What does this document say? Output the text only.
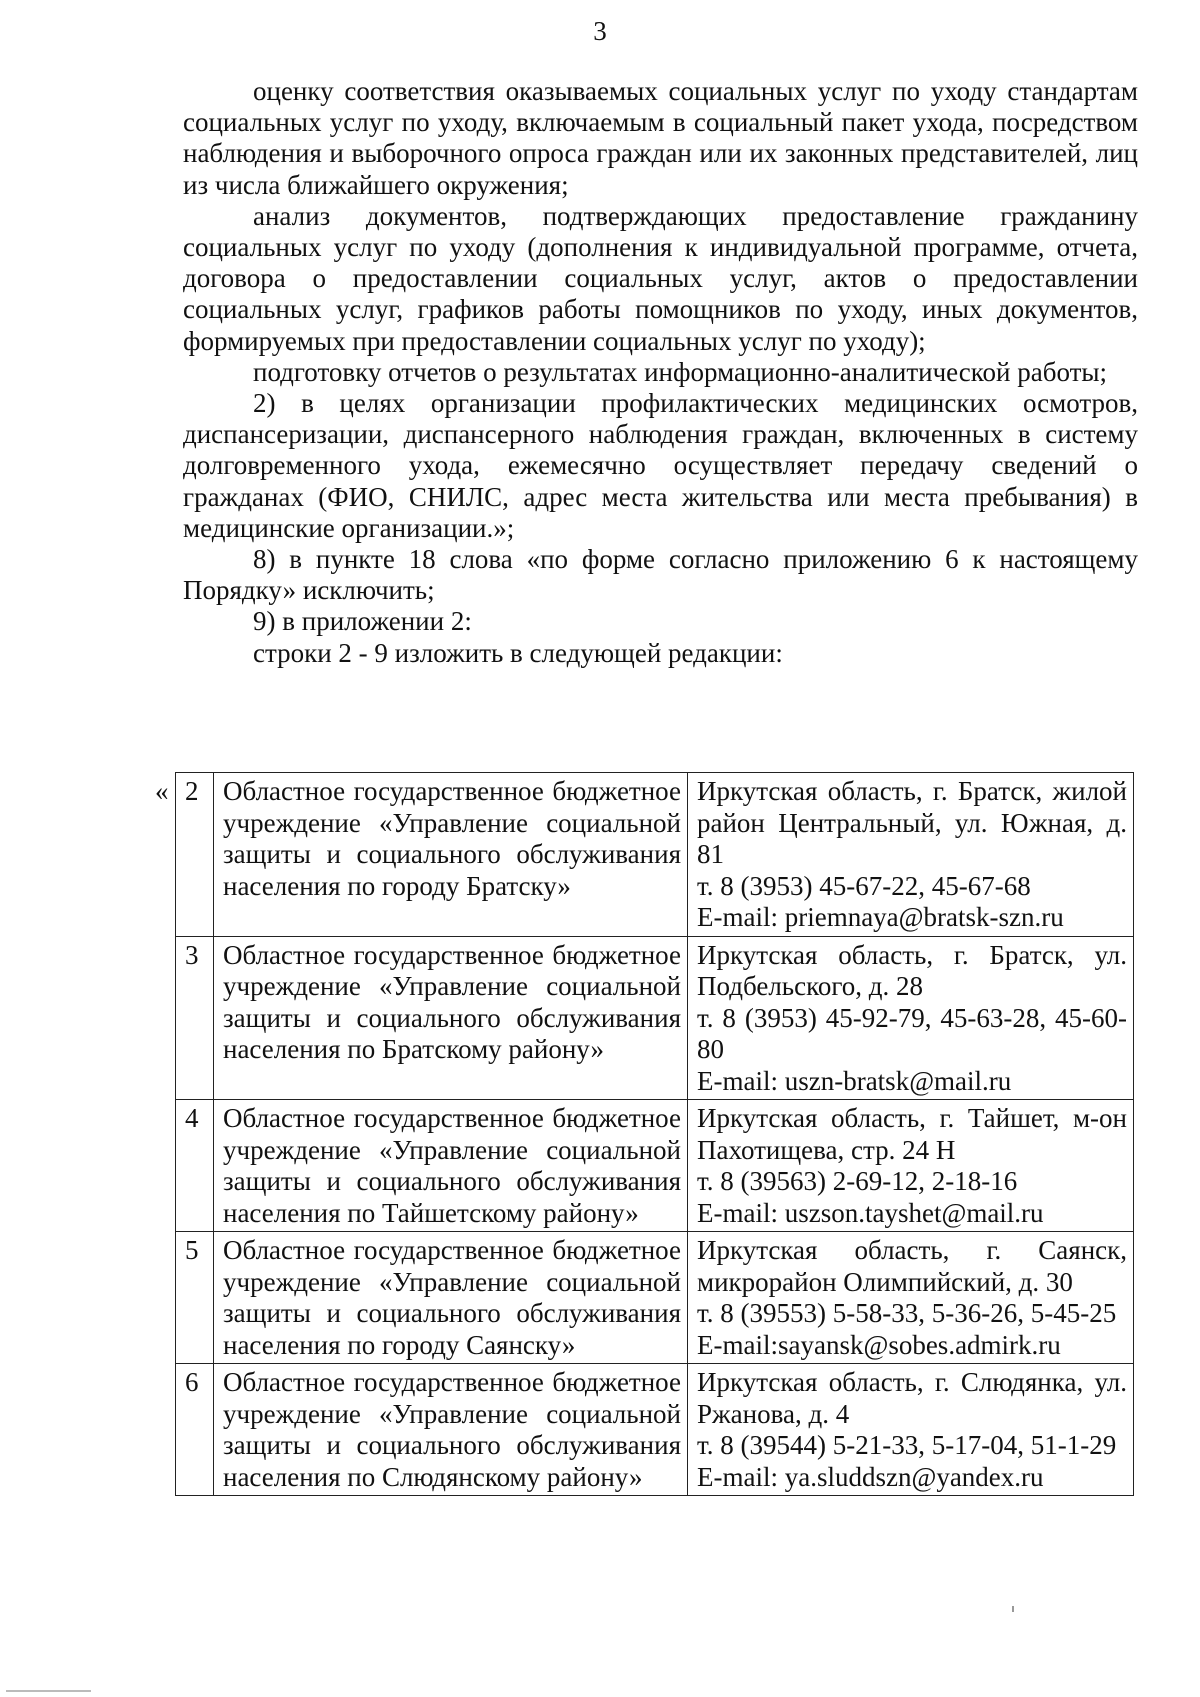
3

оценку соответствия оказываемых социальных услуг по уходу стандартам социальных услуг по уходу, включаемым в социальный пакет ухода, посредством наблюдения и выборочного опроса граждан или их законных представителей, лиц из числа ближайшего окружения;

анализ документов, подтверждающих предоставление гражданину социальных услуг по уходу (дополнения к индивидуальной программе, отчета, договора о предоставлении социальных услуг, актов о предоставлении социальных услуг, графиков работы помощников по уходу, иных документов, формируемых при предоставлении социальных услуг по уходу);

подготовку отчетов о результатах информационно-аналитической работы;

2) в целях организации профилактических медицинских осмотров, диспансеризации, диспансерного наблюдения граждан, включенных в систему долговременного ухода, ежемесячно осуществляет передачу сведений о гражданах (ФИО, СНИЛС, адрес места жительства или места пребывания) в медицинские организации.»;

8) в пункте 18 слова «по форме согласно приложению 6 к настоящему Порядку» исключить;

9) в приложении 2:

строки 2 - 9 изложить в следующей редакции:

« 2	Областное государственное бюджетное учреждение «Управление социальной защиты и социального обслуживания населения по городу Братску»	Иркутская область, г. Братск, жилой район Центральный, ул. Южная, д. 81
т. 8 (3953) 45-67-22, 45-67-68
E-mail: priemnaya@bratsk-szn.ru

3	Областное государственное бюджетное учреждение «Управление социальной защиты и социального обслуживания населения по Братскому району»	Иркутская область, г. Братск, ул. Подбельского, д. 28
т. 8 (3953) 45-92-79, 45-63-28, 45-60-80
E-mail: uszn-bratsk@mail.ru

4	Областное государственное бюджетное учреждение «Управление социальной защиты и социального обслуживания населения по Тайшетскому району»	Иркутская область, г. Тайшет, м-он Пахотищева, стр. 24 Н
т. 8 (39563) 2-69-12, 2-18-16
E-mail: uszson.tayshet@mail.ru

5	Областное государственное бюджетное учреждение «Управление социальной защиты и социального обслуживания населения по городу Саянску»	Иркутская область, г. Саянск, микрорайон Олимпийский, д. 30
т. 8 (39553) 5-58-33, 5-36-26, 5-45-25
E-mail:sayansk@sobes.admirk.ru

6	Областное государственное бюджетное учреждение «Управление социальной защиты и социального обслуживания населения по Слюдянскому району»	Иркутская область, г. Слюдянка, ул. Ржанова, д. 4
т. 8 (39544) 5-21-33, 5-17-04, 51-1-29
E-mail: ya.sluddszn@yandex.ru
